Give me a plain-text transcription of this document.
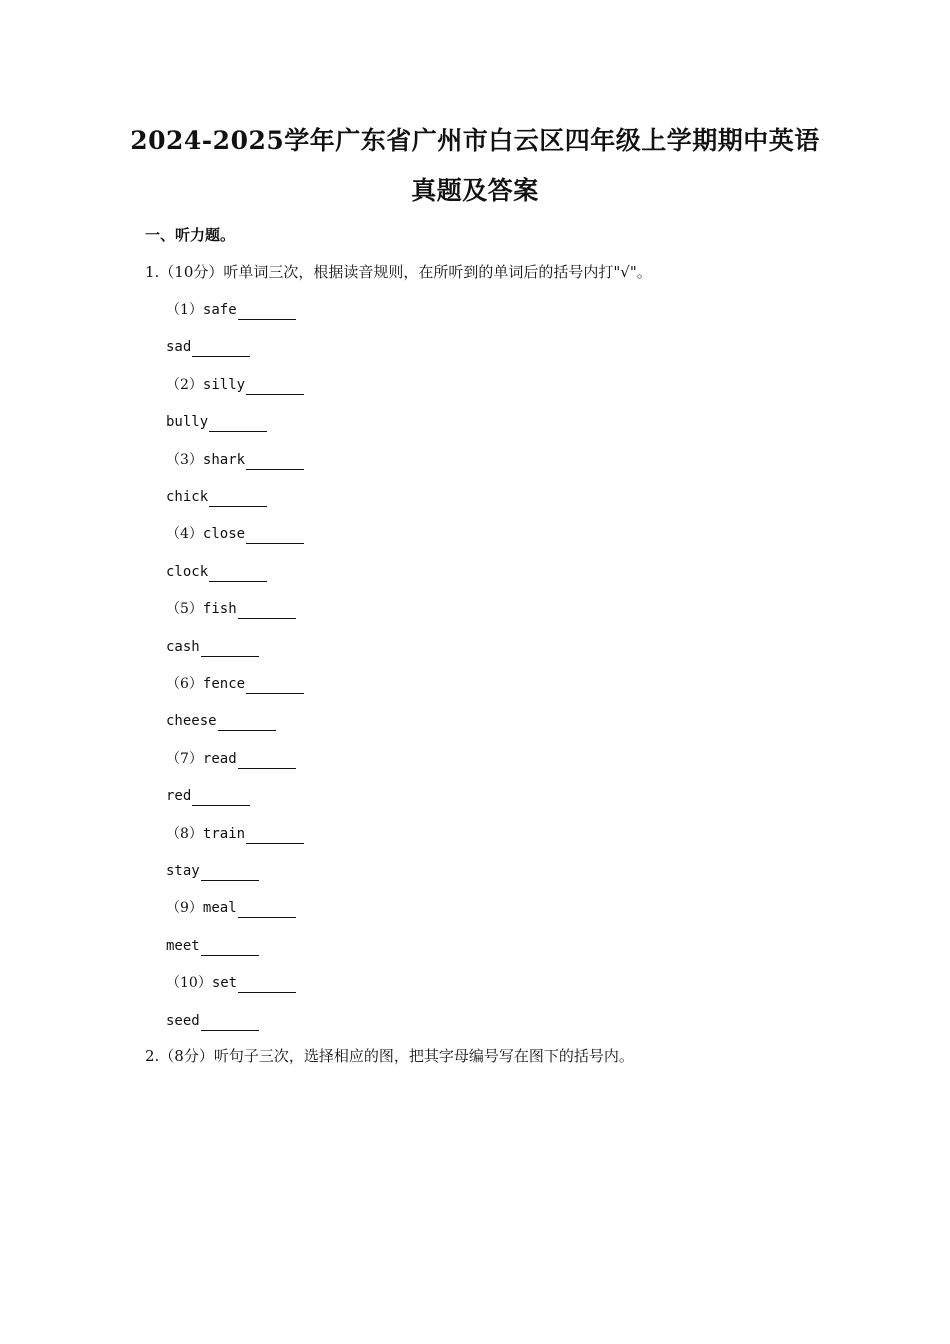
2024-2025学年广东省广州市白云区四年级上学期期中英语
真题及答案
一、听力题。
1.（10分）听单词三次，根据读音规则，在所听到的单词后的括号内打"√"。
（1） safe
sad
（2） silly
bully
（3） shark
chick
（4） close
clock
（5） fish
cash
（6） fence
cheese
（7） read
red
（8） train
stay
（9） meal
meet
（10） set
seed
2.（8分）听句子三次，选择相应的图，把其字母编号写在图下的括号内。
